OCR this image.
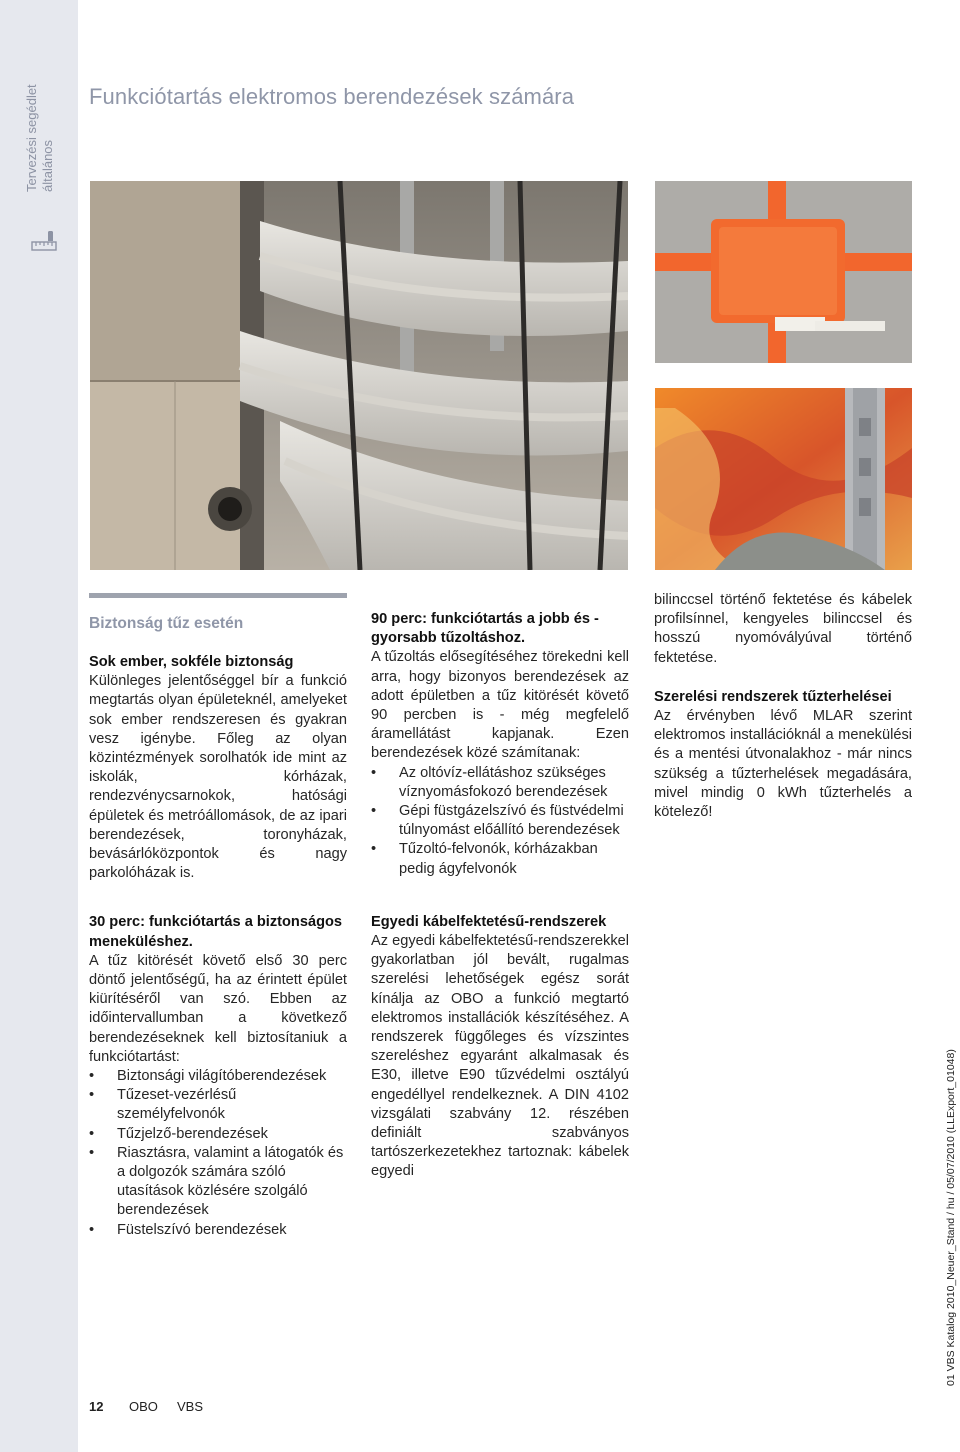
Tervezési segédlet általános
Funkciótartás elektromos berendezések számára
Biztonság tűz esetén
Sok ember, sokféle biztonság

Különleges jelentőséggel bír a funkció megtartás olyan épületeknél, amelyeket sok ember rendszeresen és gyakran vesz igénybe. Főleg az olyan közintézmények sorolhatók ide mint az iskolák, kórházak, rendezvénycsarnokok, hatósági épületek és metróállomások, de az ipari berendezések, toronyházak, bevásárlóközpontok és nagy parkolóházak is.

30 perc: funkciótartás a biztonságos meneküléshez.

A tűz kitörését követő első 30 perc döntő jelentőségű, ha az érintett épület kiürítéséről van szó. Ebben az időintervallumban a következő berendezéseknek kell biztosítaniuk a funkciótartást:

• Biztonsági világítóberendezések
• Tűzeset-vezérlésű személyfelvonók
• Tűzjelző-berendezések
• Riasztásra, valamint a látogatók és a dolgozók számára szóló utasítások közlésére szolgáló berendezések
• Füstelszívó berendezések
90 perc: funkciótartás a jobb és -gyorsabb tűzoltáshoz.

A tűzoltás elősegítéséhez törekedni kell arra, hogy bizonyos berendezések az adott épületben a tűz kitörését követő 90 percben is - még megfelelő áramellátást kapjanak. Ezen berendezések közé számítanak:

• Az oltóvíz-ellátáshoz szükséges víznyomásfokozó berendezések
• Gépi füstgázelszívó és füstvédelmi túlnyomást előállító berendezések
• Tűzoltó-felvonók, kórházakban pedig ágyfelvonók
Egyedi kábelfektetésű-rendszerek

Az egyedi kábelfektetésű-rendszerekkel gyakorlatban jól bevált, rugalmas szerelési lehetőségek egész sorát kínálja az OBO a funkció megtartó elektromos installációk készítéséhez. A rendszerek függőleges és vízszintes szereléshez egyaránt alkalmasak és E30, illetve E90 tűzvédelmi osztályú engedéllyel rendelkeznek. A DIN 4102 vizsgálati szabvány 12. részében definiált szabványos tartószerkezetekhez tartoznak: kábelek egyedi

bilinccsel történő fektetése és kábelek profilsínnel, kengyeles bilinccsel és hosszú nyomóvályúval történő fektetése.

Szerelési rendszerek tűzterhelései

Az érvényben lévő MLAR szerint elektromos installációknál a menekülési és a mentési útvonalakhoz - már nincs szükség a tűzterhelések megadására, mivel mindig 0 kWh tűzterhelés a kötelező!

12 OBO VBS
01 VBS Katalog 2010_Neuer_Stand / hu / 05/07/2010 (LLExport_01048)
